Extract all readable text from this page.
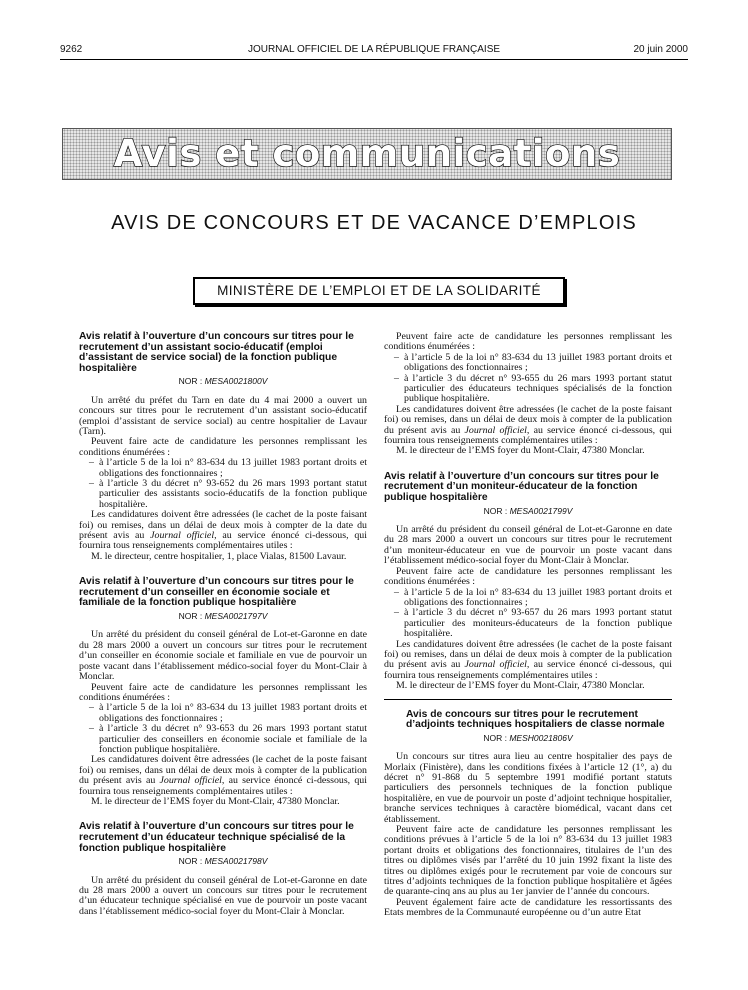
9262	JOURNAL OFFICIEL DE LA RÉPUBLIQUE FRANÇAISE	20 juin 2000
Avis et communications
AVIS DE CONCOURS ET DE VACANCE D’EMPLOIS
MINISTÈRE DE L’EMPLOI ET DE LA SOLIDARITÉ
Avis relatif à l’ouverture d’un concours sur titres pour le recrutement d’un assistant socio-éducatif (emploi d’assistant de service social) de la fonction publique hospitalière
NOR : MESA0021800V

Un arrêté du préfet du Tarn en date du 4 mai 2000 a ouvert un concours sur titres pour le recrutement d’un assistant socio-éducatif (emploi d’assistant de service social) au centre hospitalier de Lavaur (Tarn).

Peuvent faire acte de candidature les personnes remplissant les conditions énumérées :

– à l’article 5 de la loi n° 83-634 du 13 juillet 1983 portant droits et obligations des fonctionnaires ;
– à l’article 3 du décret n° 93-652 du 26 mars 1993 portant statut particulier des assistants socio-éducatifs de la fonction publique hospitalière.

Les candidatures doivent être adressées (le cachet de la poste faisant foi) ou remises, dans un délai de deux mois à compter de la date du présent avis au Journal officiel, au service énoncé ci-dessous, qui fournira tous renseignements complémentaires utiles :

M. le directeur, centre hospitalier, 1, place Vialas, 81500 Lavaur.

Avis relatif à l’ouverture d’un concours sur titres pour le recrutement d’un conseiller en économie sociale et familiale de la fonction publique hospitalière
NOR : MESA0021797V

Un arrêté du président du conseil général de Lot-et-Garonne en date du 28 mars 2000 a ouvert un concours sur titres pour le recrutement d’un conseiller en économie sociale et familiale en vue de pourvoir un poste vacant dans l’établissement médico-social foyer du Mont-Clair à Monclar.

Peuvent faire acte de candidature les personnes remplissant les conditions énumérées :

– à l’article 5 de la loi n° 83-634 du 13 juillet 1983 portant droits et obligations des fonctionnaires ;
– à l’article 3 du décret n° 93-653 du 26 mars 1993 portant statut particulier des conseillers en économie sociale et familiale de la fonction publique hospitalière.

Les candidatures doivent être adressées (le cachet de la poste faisant foi) ou remises, dans un délai de deux mois à compter de la publication du présent avis au Journal officiel, au service énoncé ci-dessous, qui fournira tous renseignements complémentaires utiles :

M. le directeur de l’EMS foyer du Mont-Clair, 47380 Monclar.

Avis relatif à l’ouverture d’un concours sur titres pour le recrutement d’un éducateur technique spécialisé de la fonction publique hospitalière
NOR : MESA0021798V

Un arrêté du président du conseil général de Lot-et-Garonne en date du 28 mars 2000 a ouvert un concours sur titres pour le recrutement d’un éducateur technique spécialisé en vue de pourvoir un poste vacant dans l’établissement médico-social foyer du Mont-Clair à Monclar.

Peuvent faire acte de candidature les personnes remplissant les conditions énumérées :

– à l’article 5 de la loi n° 83-634 du 13 juillet 1983 portant droits et obligations des fonctionnaires ;
– à l’article 3 du décret n° 93-655 du 26 mars 1993 portant statut particulier des éducateurs techniques spécialisés de la fonction publique hospitalière.

Les candidatures doivent être adressées (le cachet de la poste faisant foi) ou remises, dans un délai de deux mois à compter de la publication du présent avis au Journal officiel, au service énoncé ci-dessous, qui fournira tous renseignements complémentaires utiles :

M. le directeur de l’EMS foyer du Mont-Clair, 47380 Monclar.

Avis relatif à l’ouverture d’un concours sur titres pour le recrutement d’un moniteur-éducateur de la fonction publique hospitalière
NOR : MESA0021799V

Un arrêté du président du conseil général de Lot-et-Garonne en date du 28 mars 2000 a ouvert un concours sur titres pour le recrutement d’un moniteur-éducateur en vue de pourvoir un poste vacant dans l’établissement médico-social foyer du Mont-Clair à Monclar.

Peuvent faire acte de candidature les personnes remplissant les conditions énumérées :

– à l’article 5 de la loi n° 83-634 du 13 juillet 1983 portant droits et obligations des fonctionnaires ;
– à l’article 3 du décret n° 93-657 du 26 mars 1993 portant statut particulier des moniteurs-éducateurs de la fonction publique hospitalière.

Les candidatures doivent être adressées (le cachet de la poste faisant foi) ou remises, dans un délai de deux mois à compter de la publication du présent avis au Journal officiel, au service énoncé ci-dessous, qui fournira tous renseignements complémentaires utiles :

M. le directeur de l’EMS foyer du Mont-Clair, 47380 Monclar.

Avis de concours sur titres pour le recrutement d’adjoints techniques hospitaliers de classe normale
NOR : MESH0021806V

Un concours sur titres aura lieu au centre hospitalier des pays de Morlaix (Finistère), dans les conditions fixées à l’article 12 (1°, a) du décret n° 91-868 du 5 septembre 1991 modifié portant statuts particuliers des personnels techniques de la fonction publique hospitalière, en vue de pourvoir un poste d’adjoint technique hospitalier, branche services techniques à caractère biomédical, vacant dans cet établissement.

Peuvent faire acte de candidature les personnes remplissant les conditions prévues à l’article 5 de la loi n° 83-634 du 13 juillet 1983 portant droits et obligations des fonctionnaires, titulaires de l’un des titres ou diplômes visés par l’arrêté du 10 juin 1992 fixant la liste des titres ou diplômes exigés pour le recrutement par voie de concours sur titres d’adjoints techniques de la fonction publique hospitalière et âgées de quarante-cinq ans au plus au 1er janvier de l’année du concours.

Peuvent également faire acte de candidature les ressortissants des Etats membres de la Communauté européenne ou d’un autre Etat
